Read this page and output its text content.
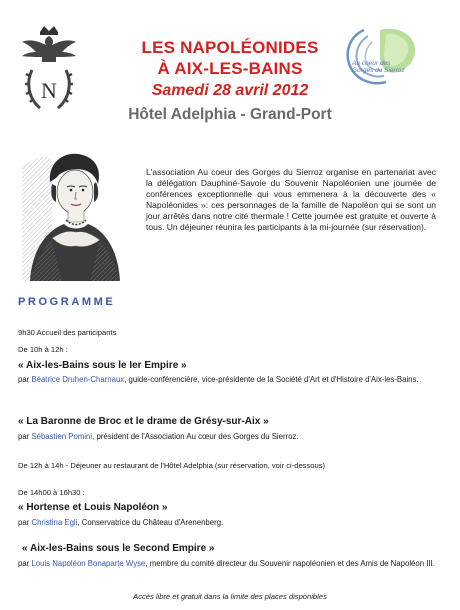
N
Au coeur des
Gorges du Sierroz
LES NAPOLÉONIDES
À AIX-LES-BAINS
Samedi 28 avril 2012
Hôtel Adelphia - Grand-Port
L'association Au coeur des Gorges du Sierroz organise en partenariat avec la délégation Dauphiné-Savoie du Souvenir Napoléonien une journée de conférences exceptionnelle qui vous emmenera à la découverte des « Napoléonides »: ces personnages de la famille de Napoléon qui se sont un jour arrêtés dans notre cité thermale ! Cette journée est gratuite et ouverte à tous. Un déjeuner réunira les participants à la mi-journée (sur réservation).
PROGRAMME
9h30 Accueil des participants
De 10h à 12h :
« Aix-les-Bains sous le Ier Empire »
par Béatrice Druhen-Charnaux, guide-conférencière, vice-présidente de la Société d'Art et d'Histoire d'Aix-les-Bains.
« La Baronne de Broc et le drame de Grésy-sur-Aix »
par Sébastien Pomini, président de l'Association Au cœur des Gorges du Sierroz.
De 12h à 14h - Déjeuner au restaurant de l'Hôtel Adelphia (sur réservation, voir ci-dessous)
De 14h00 à 16h30 :
« Hortense et Louis Napoléon »
par Christina Egli, Conservatrice du Château d'Arenenberg.
« Aix-les-Bains sous le Second Empire »
par Louis Napoléon Bonaparte Wyse, membre du comité directeur du Souvenir napoléonien et des Amis de Napoléon III.
Accès libre et gratuit dans la limite des places disponibles
